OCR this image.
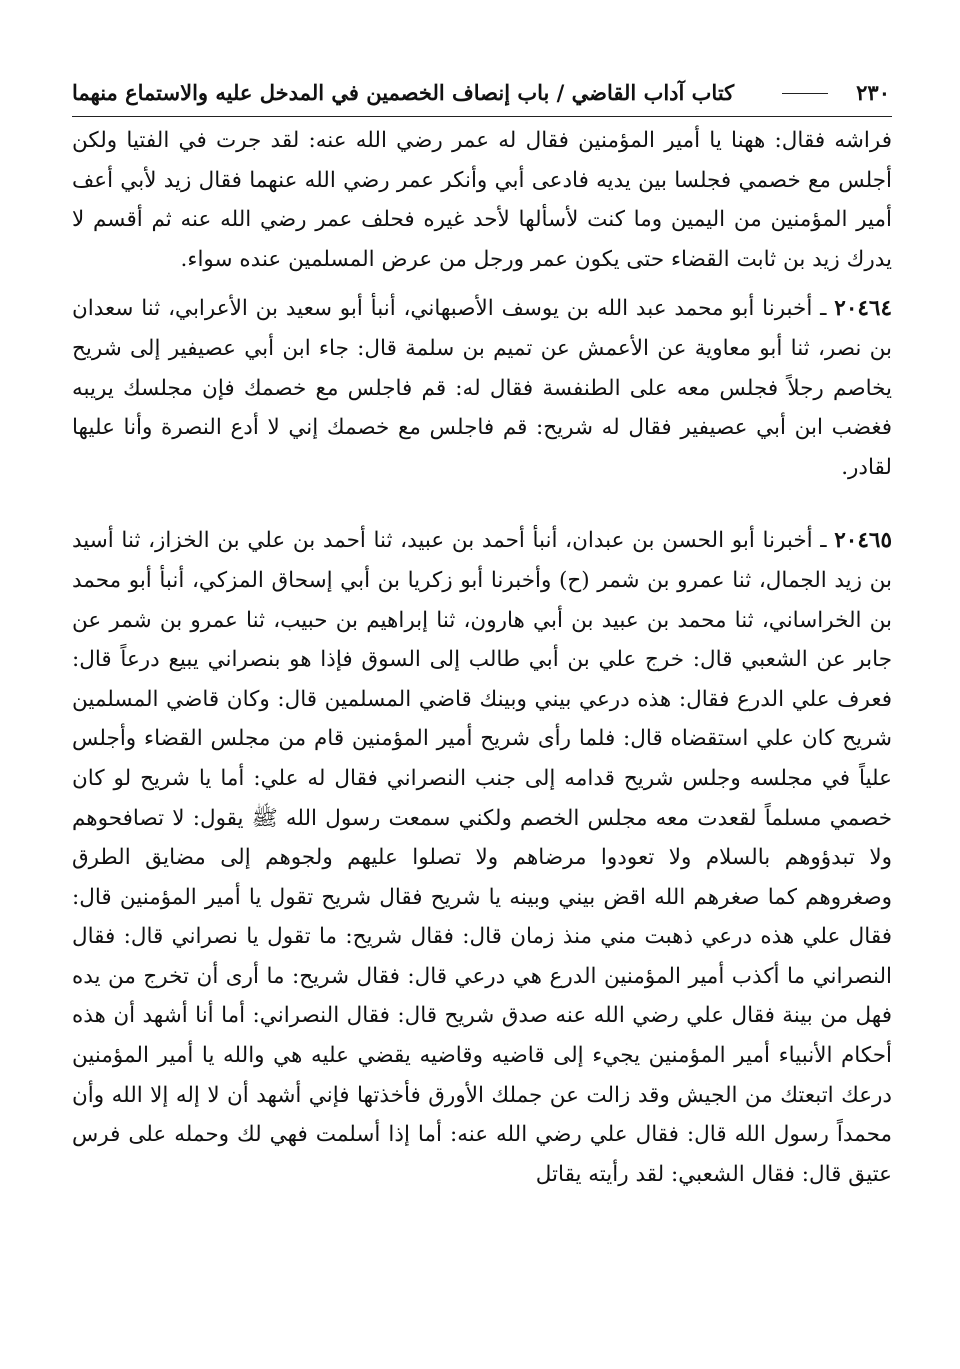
٢٣٠
كتاب آداب القاضي / باب إنصاف الخصمين في المدخل عليه والاستماع منهما

فراشه فقال: ههنا يا أمير المؤمنين فقال له عمر رضي الله عنه: لقد جرت في الفتيا ولكن أجلس مع خصمي فجلسا بين يديه فادعى أبي وأنكر عمر رضي الله عنهما فقال زيد لأبي أعف أمير المؤمنين من اليمين وما كنت لأسألها لأحد غيره فحلف عمر رضي الله عنه ثم أقسم لا يدرك زيد بن ثابت القضاء حتى يكون عمر ورجل من عرض المسلمين عنده سواء.

٢٠٤٦٤ ـ أخبرنا أبو محمد عبد الله بن يوسف الأصبهاني، أنبأ أبو سعيد بن الأعرابي، ثنا سعدان بن نصر، ثنا أبو معاوية عن الأعمش عن تميم بن سلمة قال: جاء ابن أبي عصيفير إلى شريح يخاصم رجلاً فجلس معه على الطنفسة فقال له: قم فاجلس مع خصمك فإن مجلسك يريبه فغضب ابن أبي عصيفير فقال له شريح: قم فاجلس مع خصمك إني لا أدع النصرة وأنا عليها لقادر.

٢٠٤٦٥ ـ أخبرنا أبو الحسن بن عبدان، أنبأ أحمد بن عبيد، ثنا أحمد بن علي بن الخزاز، ثنا أسيد بن زيد الجمال، ثنا عمرو بن شمر (ح) وأخبرنا أبو زكريا بن أبي إسحاق المزكي، أنبأ أبو محمد بن الخراساني، ثنا محمد بن عبيد بن أبي هارون، ثنا إبراهيم بن حبيب، ثنا عمرو بن شمر عن جابر عن الشعبي قال: خرج علي بن أبي طالب إلى السوق فإذا هو بنصراني يبيع درعاً قال: فعرف علي الدرع فقال: هذه درعي بيني وبينك قاضي المسلمين قال: وكان قاضي المسلمين شريح كان علي استقضاه قال: فلما رأى شريح أمير المؤمنين قام من مجلس القضاء وأجلس علياً في مجلسه وجلس شريح قدامه إلى جنب النصراني فقال له علي: أما يا شريح لو كان خصمي مسلماً لقعدت معه مجلس الخصم ولكني سمعت رسول الله ﷺ يقول: لا تصافحوهم ولا تبدؤوهم بالسلام ولا تعودوا مرضاهم ولا تصلوا عليهم ولجوهم إلى مضايق الطرق وصغروهم كما صغرهم الله اقض بيني وبينه يا شريح فقال شريح تقول يا أمير المؤمنين قال: فقال علي هذه درعي ذهبت مني منذ زمان قال: فقال شريح: ما تقول يا نصراني قال: فقال النصراني ما أكذب أمير المؤمنين الدرع هي درعي قال: فقال شريح: ما أرى أن تخرج من يده فهل من بينة فقال علي رضي الله عنه صدق شريح قال: فقال النصراني: أما أنا أشهد أن هذه أحكام الأنبياء أمير المؤمنين يجيء إلى قاضيه وقاضيه يقضي عليه هي والله يا أمير المؤمنين درعك اتبعتك من الجيش وقد زالت عن جملك الأورق فأخذتها فإني أشهد أن لا إله إلا الله وأن محمداً رسول الله قال: فقال علي رضي الله عنه: أما إذا أسلمت فهي لك وحمله على فرس عتيق قال: فقال الشعبي: لقد رأيته يقاتل
